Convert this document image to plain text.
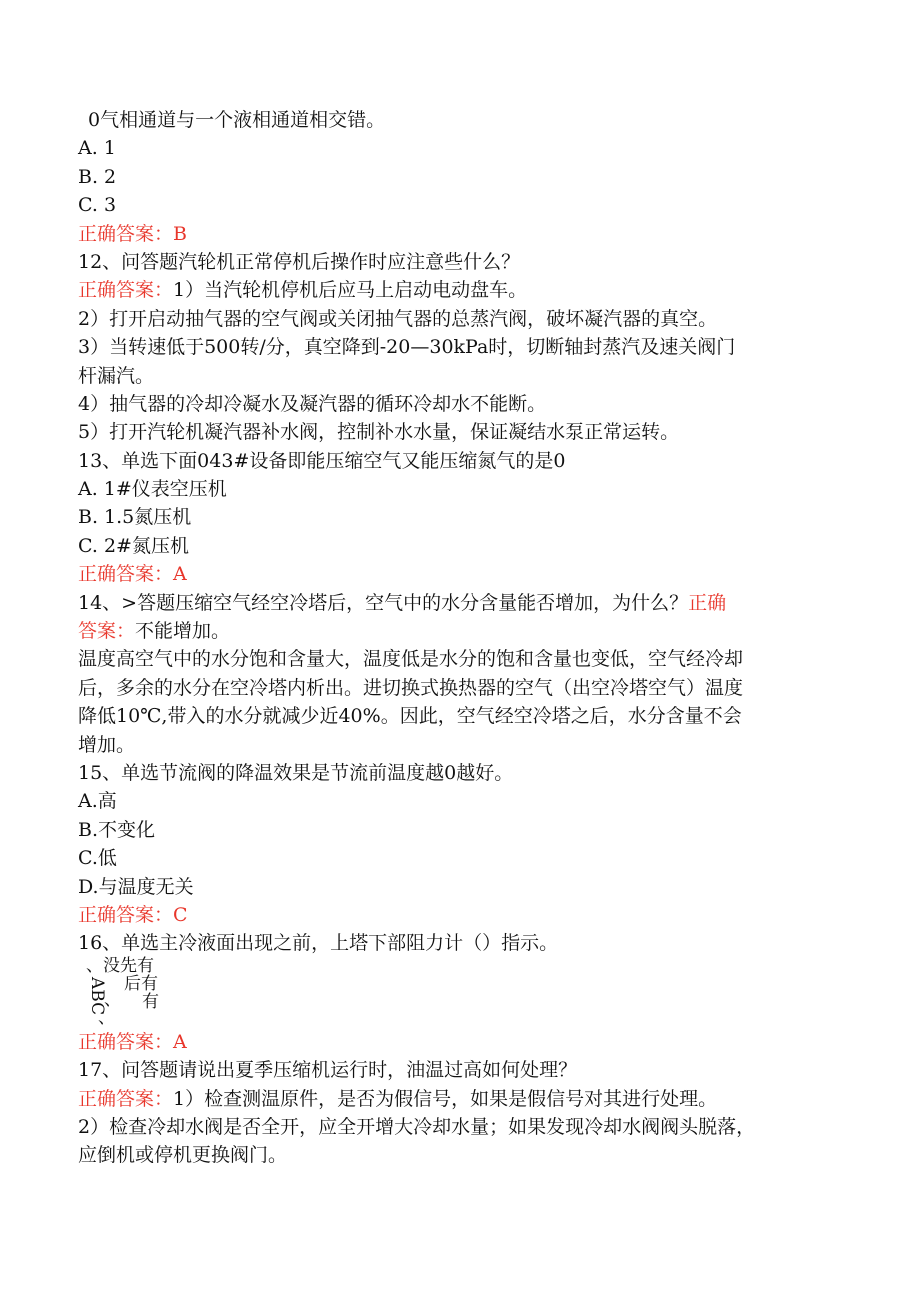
0气相通道与一个液相通道相交错。
A. 1
B. 2
C. 3
正确答案：B
12、问答题汽轮机正常停机后操作时应注意些什么？
正确答案：1）当汽轮机停机后应马上启动电动盘车。
2）打开启动抽气器的空气阀或关闭抽气器的总蒸汽阀，破坏凝汽器的真空。
3）当转速低于500转/分，真空降到-20—30kPa时，切断轴封蒸汽及速关阀门
杆漏汽。
4）抽气器的冷却冷凝水及凝汽器的循环冷却水不能断。
5）打开汽轮机凝汽器补水阀，控制补水水量，保证凝结水泵正常运转。
13、单选下面043#设备即能压缩空气又能压缩氮气的是0
A. 1#仪表空压机
B. 1.5氮压机
C. 2#氮压机
正确答案：A
14、>答题压缩空气经空冷塔后，空气中的水分含量能否增加，为什么？正确
答案：不能增加。
温度高空气中的水分饱和含量大，温度低是水分的饱和含量也变低，空气经冷却
后，多余的水分在空冷塔内析出。进切换式换热器的空气（出空冷塔空气）温度
降低10℃,带入的水分就减少近40%。因此，空气经空冷塔之后，水分含量不会
增加。
15、单选节流阀的降温效果是节流前温度越0越好。
A.高
B.不变化
C.低
D.与温度无关
正确答案：C
16、单选主冷液面出现之前，上塔下部阻力计（）指示。
、没先有
后有
有
ABC
、
、
正确答案：A
17、问答题请说出夏季压缩机运行时，油温过高如何处理？
正确答案：1）检查测温原件，是否为假信号，如果是假信号对其进行处理。
2）检查冷却水阀是否全开，应全开增大冷却水量；如果发现冷却水阀阀头脱落，
应倒机或停机更换阀门。
